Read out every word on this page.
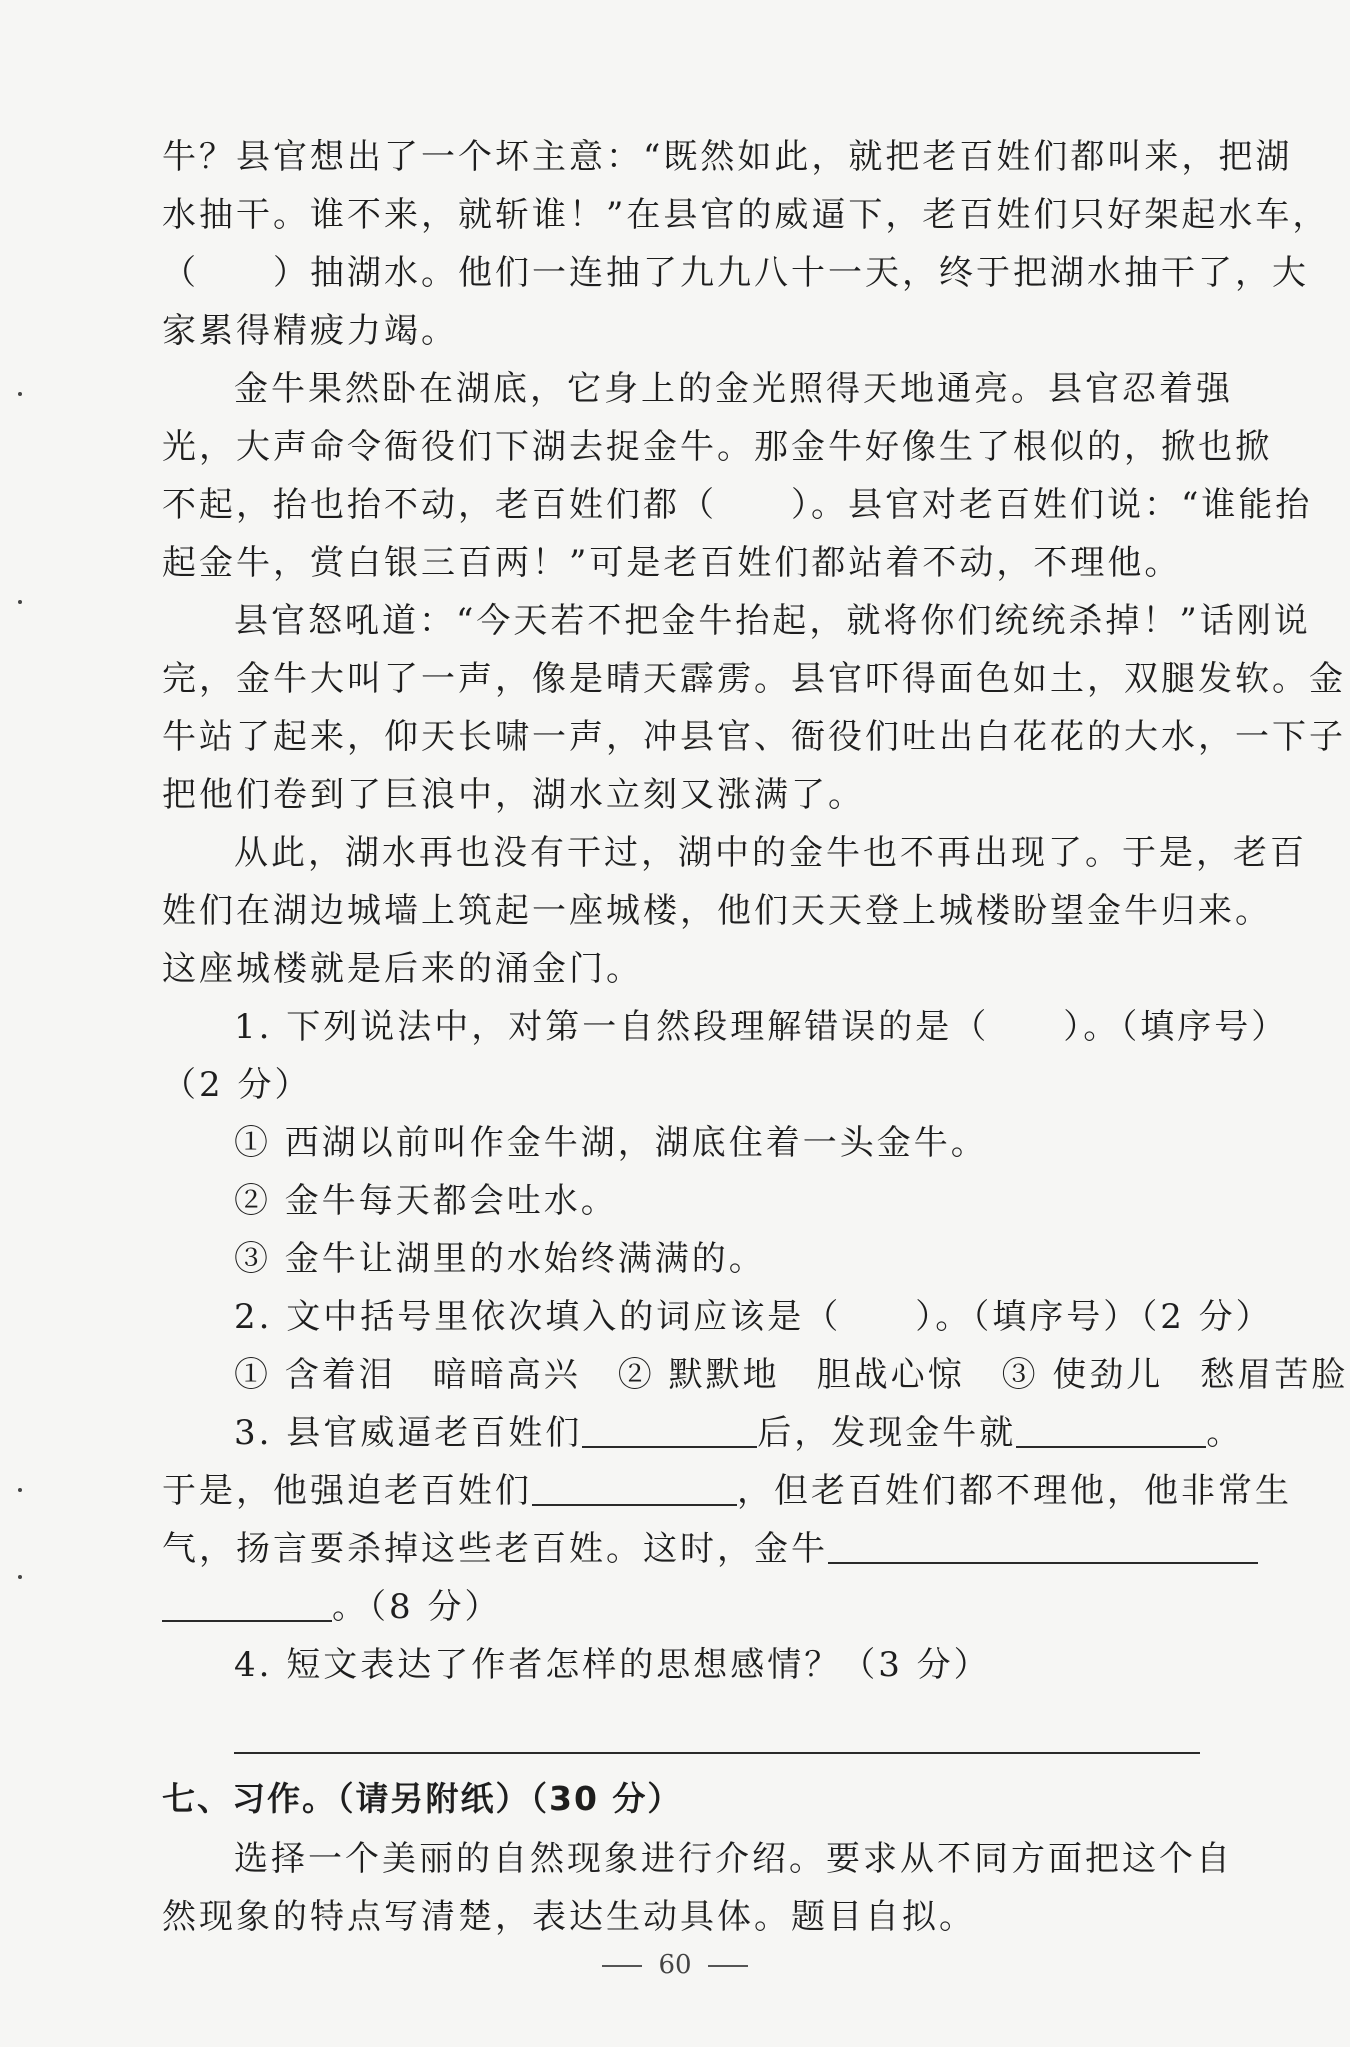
牛？县官想出了一个坏主意：“既然如此，就把老百姓们都叫来，把湖
水抽干。谁不来，就斩谁！”在县官的威逼下，老百姓们只好架起水车，
（　　）抽湖水。他们一连抽了九九八十一天，终于把湖水抽干了，大
家累得精疲力竭。
金牛果然卧在湖底，它身上的金光照得天地通亮。县官忍着强
光，大声命令衙役们下湖去捉金牛。那金牛好像生了根似的，掀也掀
不起，抬也抬不动，老百姓们都（　　）。县官对老百姓们说：“谁能抬
起金牛，赏白银三百两！”可是老百姓们都站着不动，不理他。
县官怒吼道：“今天若不把金牛抬起，就将你们统统杀掉！”话刚说
完，金牛大叫了一声，像是晴天霹雳。县官吓得面色如土，双腿发软。金
牛站了起来，仰天长啸一声，冲县官、衙役们吐出白花花的大水，一下子
把他们卷到了巨浪中，湖水立刻又涨满了。
从此，湖水再也没有干过，湖中的金牛也不再出现了。于是，老百
姓们在湖边城墙上筑起一座城楼，他们天天登上城楼盼望金牛归来。
这座城楼就是后来的涌金门。
1. 下列说法中，对第一自然段理解错误的是（　　）。（填序号）
（2 分）
① 西湖以前叫作金牛湖，湖底住着一头金牛。
② 金牛每天都会吐水。
③ 金牛让湖里的水始终满满的。
2. 文中括号里依次填入的词应该是（　　）。（填序号）（2 分）
① 含着泪　暗暗高兴　② 默默地　胆战心惊　③ 使劲儿　愁眉苦脸
3. 县官威逼老百姓们	后，发现金牛就	。
于是，他强迫老百姓们	，但老百姓们都不理他，他非常生
气，扬言要杀掉这些老百姓。这时，金牛
。（8 分）
4. 短文表达了作者怎样的思想感情？（3 分）
七、习作。（请另附纸）（30 分）
选择一个美丽的自然现象进行介绍。要求从不同方面把这个自
然现象的特点写清楚，表达生动具体。题目自拟。
60
